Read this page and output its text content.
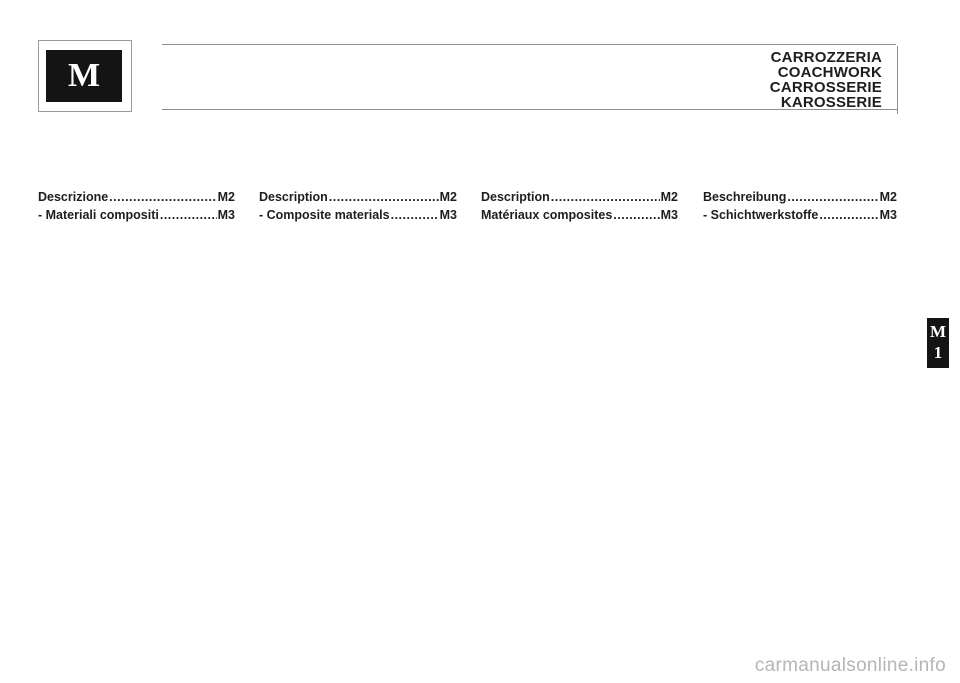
M	CARROZZERIA
COACHWORK
CARROSSERIE
KAROSSERIE
Descrizione .....	M2
- Materiali compositi .....	M3
Description .....	M2
- Composite materials .....	M3
Description .....	M2
Matériaux composites .....	M3
Beschreibung .....	M2
- Schichtwerkstoffe .....	M3
M
1
carmanualsonline.info
